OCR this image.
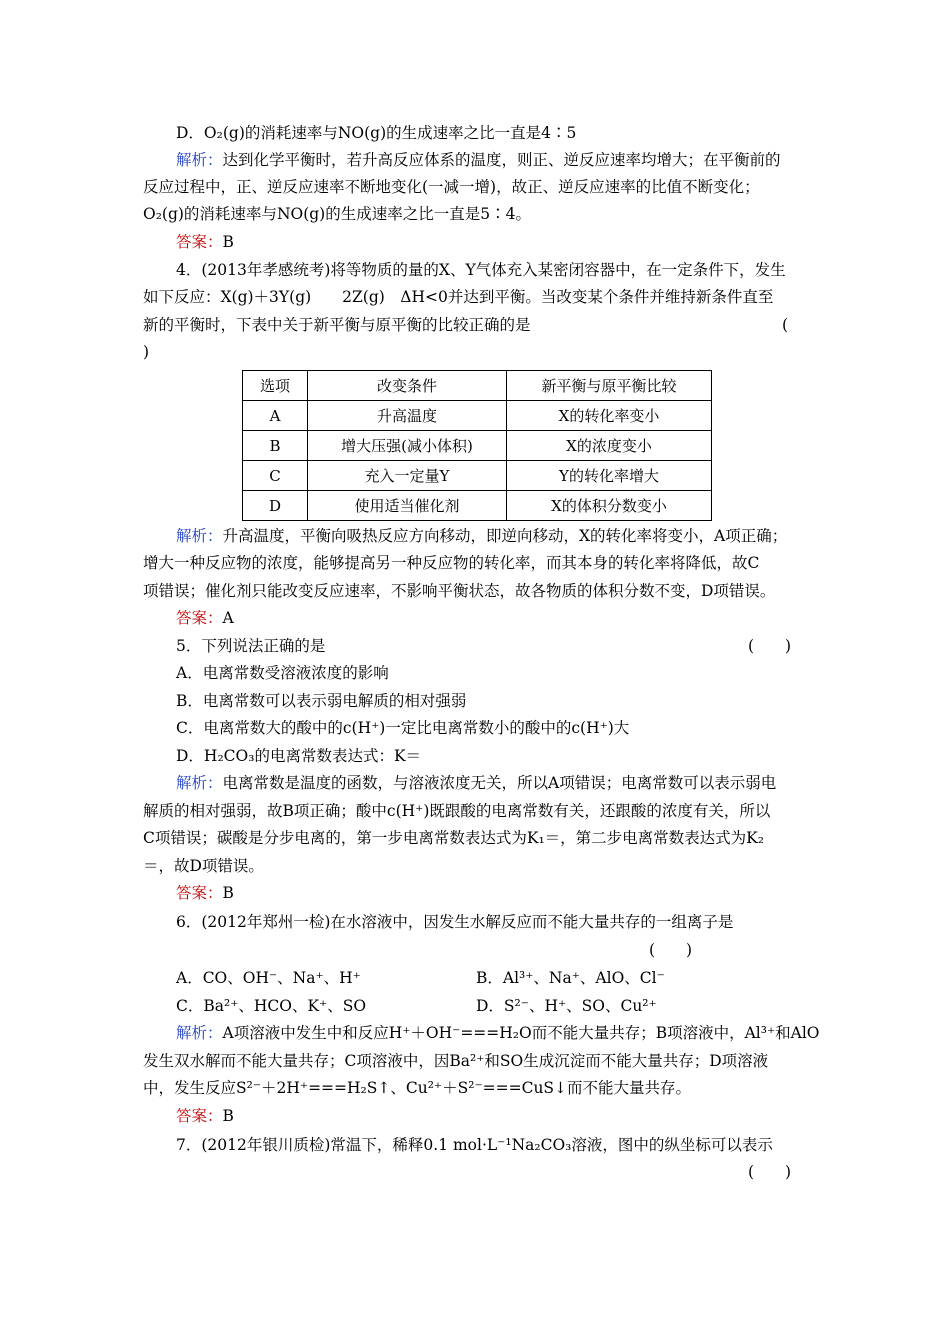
D．O₂(g)的消耗速率与NO(g)的生成速率之比一直是4∶5
解析：达到化学平衡时，若升高反应体系的温度，则正、逆反应速率均增大；在平衡前的
反应过程中，正、逆反应速率不断地变化(一减一增)，故正、逆反应速率的比值不断变化；
O₂(g)的消耗速率与NO(g)的生成速率之比一直是5∶4。
答案：B
4．(2013年孝感统考)将等物质的量的X、Y气体充入某密闭容器中，在一定条件下，发生
如下反应：X(g)＋3Y(g)　　2Z(g)　ΔH<0并达到平衡。当改变某个条件并维持新条件直至
新的平衡时，下表中关于新平衡与原平衡的比较正确的是	(
)
选项	改变条件	新平衡与原平衡比较
A	升高温度	X的转化率变小
B	增大压强(减小体积)	X的浓度变小
C	充入一定量Y	Y的转化率增大
D	使用适当催化剂	X的体积分数变小
解析：升高温度，平衡向吸热反应方向移动，即逆向移动，X的转化率将变小，A项正确；
增大一种反应物的浓度，能够提高另一种反应物的转化率，而其本身的转化率将降低，故C
项错误；催化剂只能改变反应速率，不影响平衡状态，故各物质的体积分数不变，D项错误。
答案：A
5．下列说法正确的是	(　　)
A．电离常数受溶液浓度的影响
B．电离常数可以表示弱电解质的相对强弱
C．电离常数大的酸中的c(H⁺)一定比电离常数小的酸中的c(H⁺)大
D．H₂CO₃的电离常数表达式：K＝
解析：电离常数是温度的函数，与溶液浓度无关，所以A项错误；电离常数可以表示弱电
解质的相对强弱，故B项正确；酸中c(H⁺)既跟酸的电离常数有关，还跟酸的浓度有关，所以
C项错误；碳酸是分步电离的，第一步电离常数表达式为K₁＝，第二步电离常数表达式为K₂
＝，故D项错误。
答案：B
6．(2012年郑州一检)在水溶液中，因发生水解反应而不能大量共存的一组离子是
(　　)
A．CO、OH⁻、Na⁺、H⁺	B．Al³⁺、Na⁺、AlO、Cl⁻
C．Ba²⁺、HCO、K⁺、SO	D．S²⁻、H⁺、SO、Cu²⁺
解析：A项溶液中发生中和反应H⁺＋OH⁻===H₂O而不能大量共存；B项溶液中，Al³⁺和AlO
发生双水解而不能大量共存；C项溶液中，因Ba²⁺和SO生成沉淀而不能大量共存；D项溶液
中，发生反应S²⁻＋2H⁺===H₂S↑、Cu²⁺＋S²⁻===CuS↓而不能大量共存。
答案：B
7．(2012年银川质检)常温下，稀释0.1 mol·L⁻¹Na₂CO₃溶液，图中的纵坐标可以表示
(　　)
